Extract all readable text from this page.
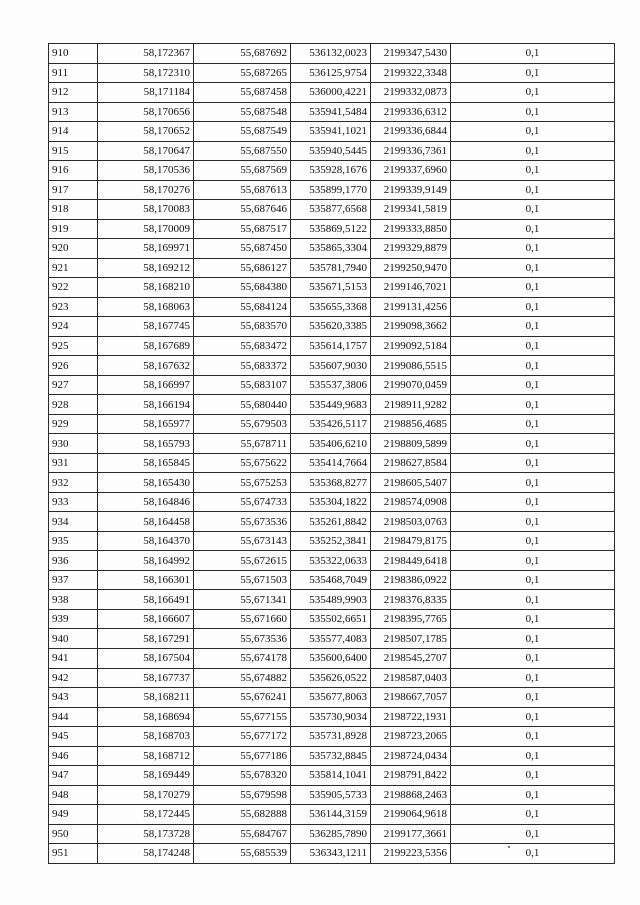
910	58,172367	55,687692	536132,0023	2199347,5430	0,1
911	58,172310	55,687265	536125,9754	2199322,3348	0,1
912	58,171184	55,687458	536000,4221	2199332,0873	0,1
913	58,170656	55,687548	535941,5484	2199336,6312	0,1
914	58,170652	55,687549	535941,1021	2199336,6844	0,1
915	58,170647	55,687550	535940,5445	2199336,7361	0,1
916	58,170536	55,687569	535928,1676	2199337,6960	0,1
917	58,170276	55,687613	535899,1770	2199339,9149	0,1
918	58,170083	55,687646	535877,6568	2199341,5819	0,1
919	58,170009	55,687517	535869,5122	2199333,8850	0,1
920	58,169971	55,687450	535865,3304	2199329,8879	0,1
921	58,169212	55,686127	535781,7940	2199250,9470	0,1
922	58,168210	55,684380	535671,5153	2199146,7021	0,1
923	58,168063	55,684124	535655,3368	2199131,4256	0,1
924	58,167745	55,683570	535620,3385	2199098,3662	0,1
925	58,167689	55,683472	535614,1757	2199092,5184	0,1
926	58,167632	55,683372	535607,9030	2199086,5515	0,1
927	58,166997	55,683107	535537,3806	2199070,0459	0,1
928	58,166194	55,680440	535449,9683	2198911,9282	0,1
929	58,165977	55,679503	535426,5117	2198856,4685	0,1
930	58,165793	55,678711	535406,6210	2198809,5899	0,1
931	58,165845	55,675622	535414,7664	2198627,8584	0,1
932	58,165430	55,675253	535368,8277	2198605,5407	0,1
933	58,164846	55,674733	535304,1822	2198574,0908	0,1
934	58,164458	55,673536	535261,8842	2198503,0763	0,1
935	58,164370	55,673143	535252,3841	2198479,8175	0,1
936	58,164992	55,672615	535322,0633	2198449,6418	0,1
937	58,166301	55,671503	535468,7049	2198386,0922	0,1
938	58,166491	55,671341	535489,9903	2198376,8335	0,1
939	58,166607	55,671660	535502,6651	2198395,7765	0,1
940	58,167291	55,673536	535577,4083	2198507,1785	0,1
941	58,167504	55,674178	535600,6400	2198545,2707	0,1
942	58,167737	55,674882	535626,0522	2198587,0403	0,1
943	58,168211	55,676241	535677,8063	2198667,7057	0,1
944	58,168694	55,677155	535730,9034	2198722,1931	0,1
945	58,168703	55,677172	535731,8928	2198723,2065	0,1
946	58,168712	55,677186	535732,8845	2198724,0434	0,1
947	58,169449	55,678320	535814,1041	2198791,8422	0,1
948	58,170279	55,679598	535905,5733	2198868,2463	0,1
949	58,172445	55,682888	536144,3159	2199064,9618	0,1
950	58,173728	55,684767	536285,7890	2199177,3661	0,1
951	58,174248	55,685539	536343,1211	2199223,5356	0,1
